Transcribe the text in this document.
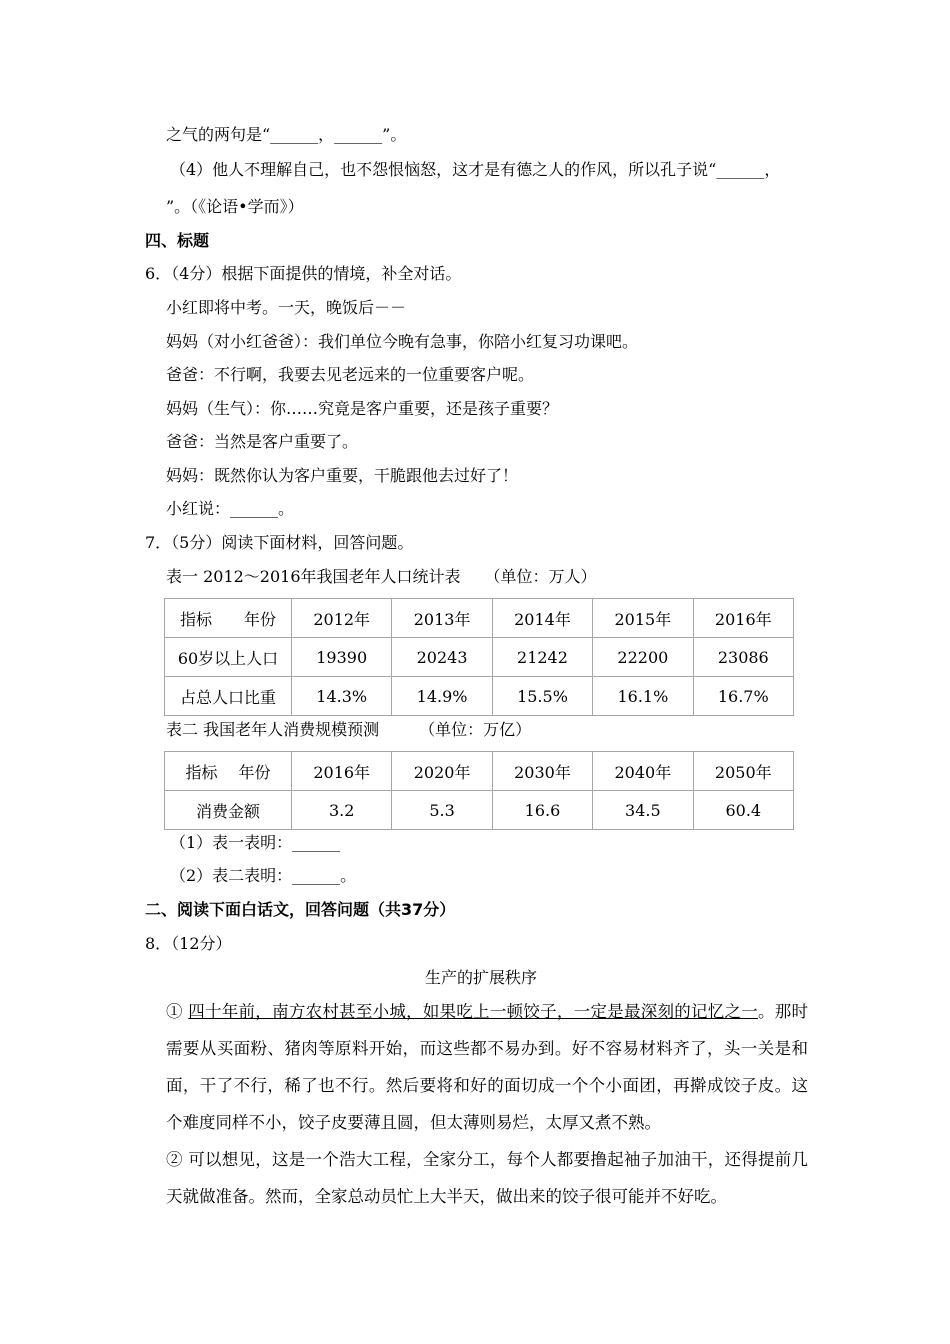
之气的两句是“______，______”。
（4）他人不理解自己，也不怨恨恼怒，这才是有德之人的作风，所以孔子说“______，
”。（《论语•学而》）
四、标题
6．（4分）根据下面提供的情境，补全对话。
小红即将中考。一天，晚饭后－－
妈妈（对小红爸爸）：我们单位今晚有急事，你陪小红复习功课吧。
爸爸：不行啊，我要去见老远来的一位重要客户呢。
妈妈（生气）：你……究竟是客户重要，还是孩子重要？
爸爸：当然是客户重要了。
妈妈：既然你认为客户重要，干脆跟他去过好了！
小红说：______。
7．（5分）阅读下面材料，回答问题。
表一 2012～2016年我国老年人口统计表　　（单位：万人）
指标　　年份	2012年	2013年	2014年	2015年	2016年
60岁以上人口	19390	20243	21242	22200	23086
占总人口比重	14.3%	14.9%	15.5%	16.1%	16.7%
表二 我国老年人消费规模预测　　　（单位：万亿）
指标　 年份	2016年	2020年	2030年	2040年	2050年
消费金额	3.2	5.3	16.6	34.5	60.4
（1）表一表明：______
（2）表二表明：______。
二、阅读下面白话文，回答问题（共37分）
8．（12分）
生产的扩展秩序
① 四十年前，南方农村甚至小城，如果吃上一顿饺子，一定是最深刻的记忆之一。那时需要从买面粉、猪肉等原料开始，而这些都不易办到。好不容易材料齐了，头一关是和面，干了不行，稀了也不行。然后要将和好的面切成一个个小面团，再擀成饺子皮。这个难度同样不小，饺子皮要薄且圆，但太薄则易烂，太厚又煮不熟。
② 可以想见，这是一个浩大工程，全家分工，每个人都要撸起袖子加油干，还得提前几天就做准备。然而，全家总动员忙上大半天，做出来的饺子很可能并不好吃。
